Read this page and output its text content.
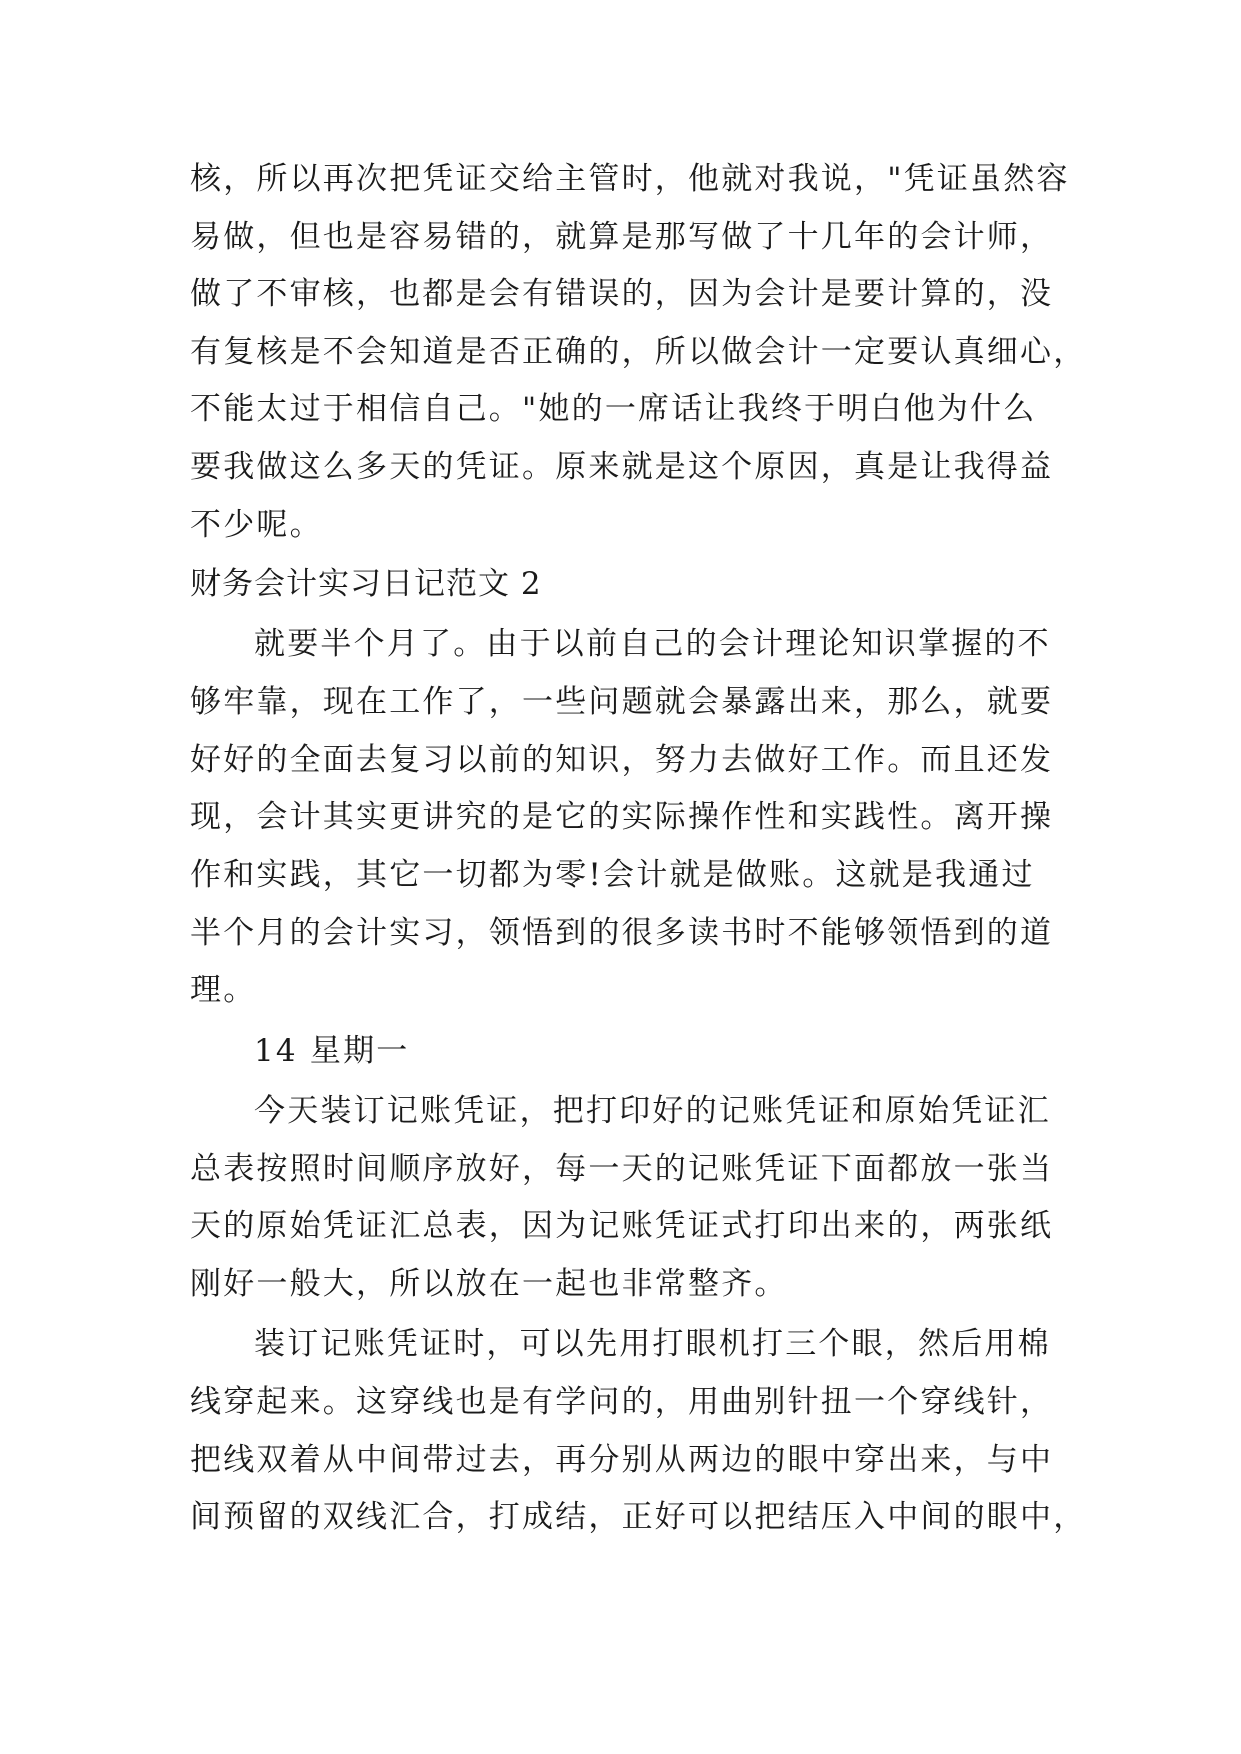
核，所以再次把凭证交给主管时，他就对我说，"凭证虽然容
易做，但也是容易错的，就算是那写做了十几年的会计师，
做了不审核，也都是会有错误的，因为会计是要计算的，没
有复核是不会知道是否正确的，所以做会计一定要认真细心，
不能太过于相信自己。"她的一席话让我终于明白他为什么
要我做这么多天的凭证。原来就是这个原因，真是让我得益
不少呢。
财务会计实习日记范文 2
就要半个月了。由于以前自己的会计理论知识掌握的不
够牢靠，现在工作了，一些问题就会暴露出来，那么，就要
好好的全面去复习以前的知识，努力去做好工作。而且还发
现，会计其实更讲究的是它的实际操作性和实践性。离开操
作和实践，其它一切都为零!会计就是做账。这就是我通过
半个月的会计实习，领悟到的很多读书时不能够领悟到的道
理。
14 星期一
今天装订记账凭证，把打印好的记账凭证和原始凭证汇
总表按照时间顺序放好，每一天的记账凭证下面都放一张当
天的原始凭证汇总表，因为记账凭证式打印出来的，两张纸
刚好一般大，所以放在一起也非常整齐。
装订记账凭证时，可以先用打眼机打三个眼，然后用棉
线穿起来。这穿线也是有学问的，用曲别针扭一个穿线针，
把线双着从中间带过去，再分别从两边的眼中穿出来，与中
间预留的双线汇合，打成结，正好可以把结压入中间的眼中，
